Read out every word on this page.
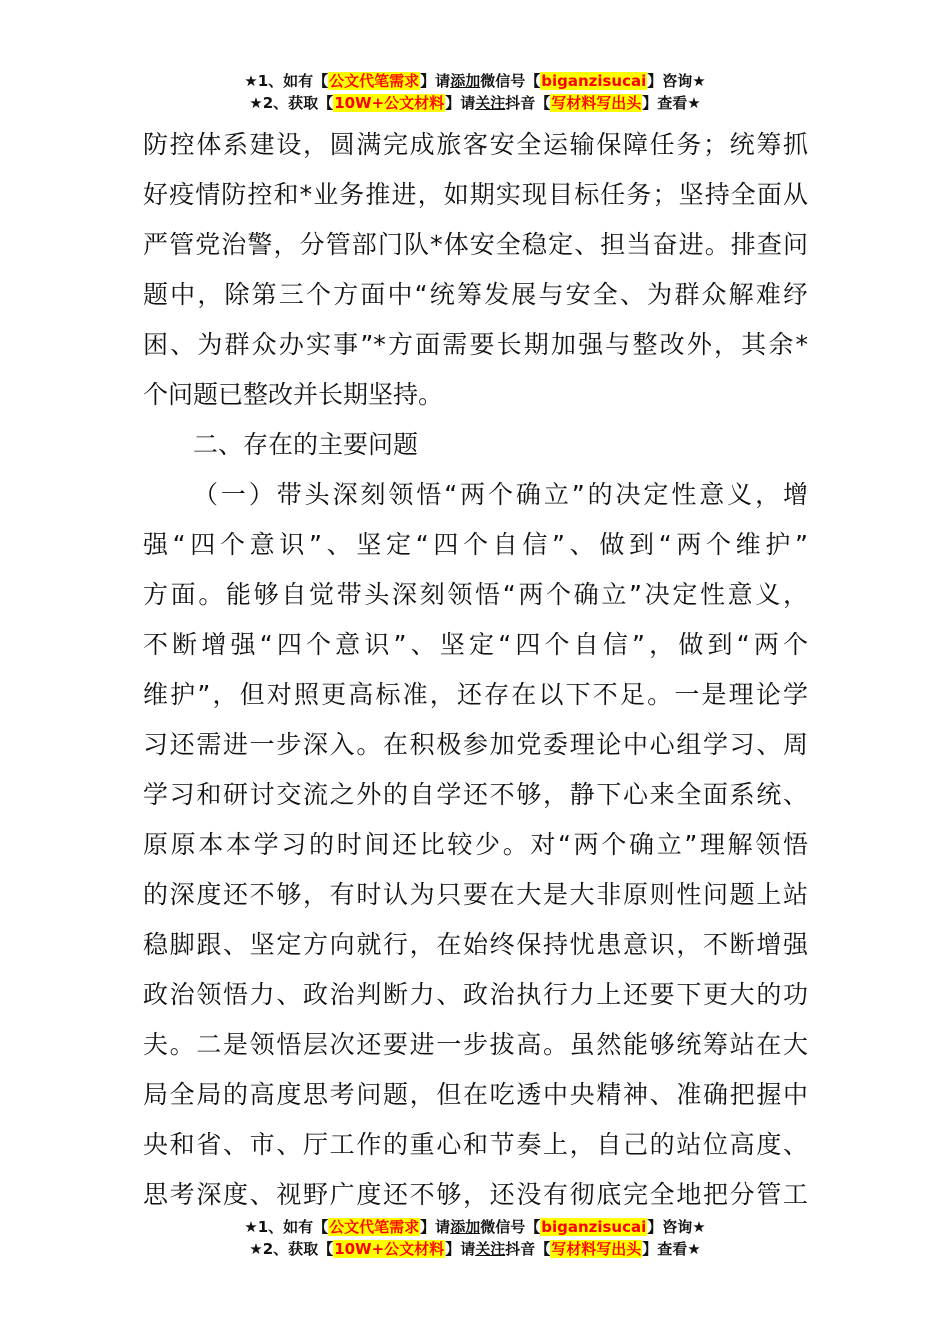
★1、如有【公文代笔需求】请添加微信号【biganzisucai】咨询★
★2、获取【10W+公文材料】请关注抖音【写材料写出头】查看★
防控体系建设，圆满完成旅客安全运输保障任务；统筹抓
好疫情防控和*业务推进，如期实现目标任务；坚持全面从
严管党治警，分管部门队*体安全稳定、担当奋进。排查问
题中，除第三个方面中“统筹发展与安全、为群众解难纾
困、为群众办实事”*方面需要长期加强与整改外，其余*
个问题已整改并长期坚持。
二、存在的主要问题
（一）带头深刻领悟“两个确立”的决定性意义，增
强“四个意识”、坚定“四个自信”、做到“两个维护”
方面。能够自觉带头深刻领悟“两个确立”决定性意义，
不断增强“四个意识”、坚定“四个自信”，做到“两个
维护”，但对照更高标准，还存在以下不足。一是理论学
习还需进一步深入。在积极参加党委理论中心组学习、周
学习和研讨交流之外的自学还不够，静下心来全面系统、
原原本本学习的时间还比较少。对“两个确立”理解领悟
的深度还不够，有时认为只要在大是大非原则性问题上站
稳脚跟、坚定方向就行，在始终保持忧患意识，不断增强
政治领悟力、政治判断力、政治执行力上还要下更大的功
夫。二是领悟层次还要进一步拔高。虽然能够统筹站在大
局全局的高度思考问题，但在吃透中央精神、准确把握中
央和省、市、厅工作的重心和节奏上，自己的站位高度、
思考深度、视野广度还不够，还没有彻底完全地把分管工
★1、如有【公文代笔需求】请添加微信号【biganzisucai】咨询★
★2、获取【10W+公文材料】请关注抖音【写材料写出头】查看★
